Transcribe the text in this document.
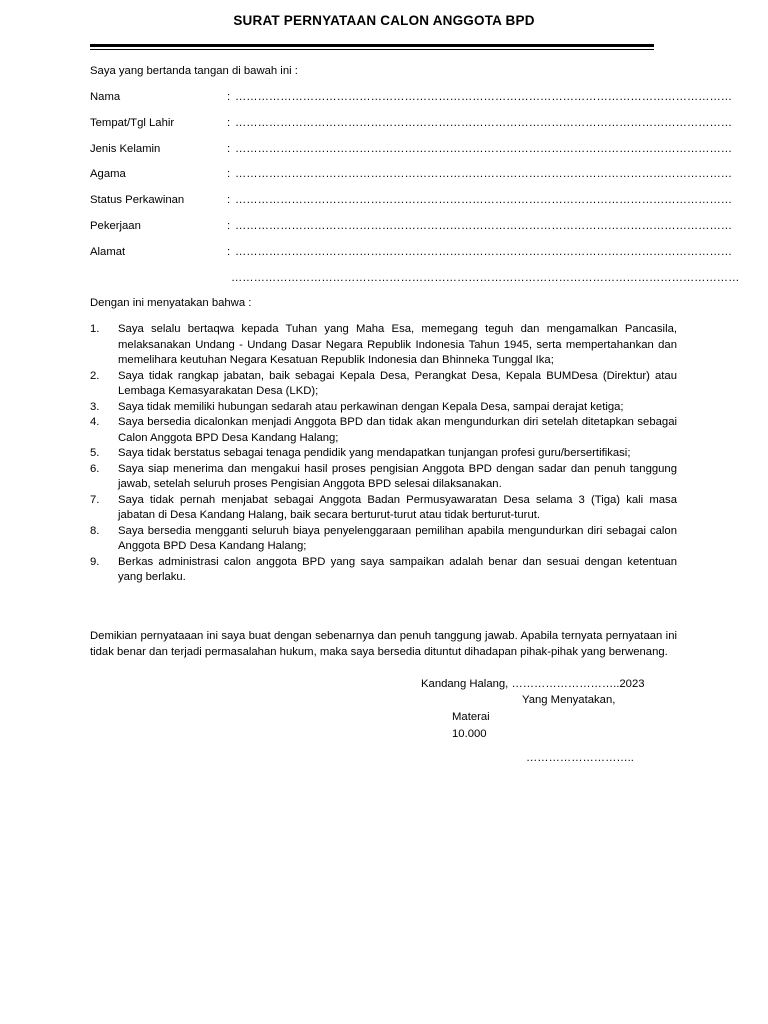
SURAT PERNYATAAN CALON ANGGOTA BPD
Saya yang bertanda tangan di bawah ini :
Nama	: ……………………………………………………………………………………………………………………
Tempat/Tgl Lahir	: ……………………………………………………………………………………………………………………
Jenis Kelamin	: ……………………………………………………………………………………………………………………
Agama	: ……………………………………………………………………………………………………………………
Status Perkawinan	: ……………………………………………………………………………………………………………………
Pekerjaan	: ……………………………………………………………………………………………………………………
Alamat	: ……………………………………………………………………………………………………………………
………………………………………………………………………………………………………………………
Dengan ini menyatakan bahwa :
1. Saya selalu bertaqwa kepada Tuhan yang Maha Esa, memegang teguh dan mengamalkan Pancasila, melaksanakan Undang - Undang Dasar Negara Republik Indonesia Tahun 1945, serta mempertahankan dan memelihara keutuhan Negara Kesatuan Republik Indonesia dan Bhinneka Tunggal Ika;
2. Saya tidak rangkap jabatan, baik sebagai Kepala Desa, Perangkat Desa, Kepala BUMDesa (Direktur) atau Lembaga Kemasyarakatan Desa (LKD);
3. Saya tidak memiliki hubungan sedarah atau perkawinan dengan Kepala Desa, sampai derajat ketiga;
4. Saya bersedia dicalonkan menjadi Anggota BPD dan tidak akan mengundurkan diri setelah ditetapkan sebagai Calon Anggota BPD Desa Kandang Halang;
5. Saya tidak berstatus sebagai tenaga pendidik yang mendapatkan tunjangan profesi guru/bersertifikasi;
6. Saya siap menerima dan mengakui hasil proses pengisian Anggota BPD dengan sadar dan penuh tanggung jawab, setelah seluruh proses Pengisian Anggota BPD selesai dilaksanakan.
7. Saya tidak pernah menjabat sebagai Anggota Badan Permusyawaratan Desa selama 3 (Tiga) kali masa jabatan di Desa Kandang Halang, baik secara berturut-turut atau tidak berturut-turut.
8. Saya bersedia mengganti seluruh biaya penyelenggaraan pemilihan apabila mengundurkan diri sebagai calon Anggota BPD Desa Kandang Halang;
9. Berkas administrasi calon anggota BPD yang saya sampaikan adalah benar dan sesuai dengan ketentuan yang berlaku.
Demikian pernyataaan ini saya buat dengan sebenarnya dan penuh tanggung jawab. Apabila ternyata pernyataan ini tidak benar dan terjadi permasalahan hukum, maka saya bersedia dituntut dihadapan pihak-pihak yang berwenang.
Kandang Halang, ………………………..2023
Yang Menyatakan,
Materai
10.000
………………………..
